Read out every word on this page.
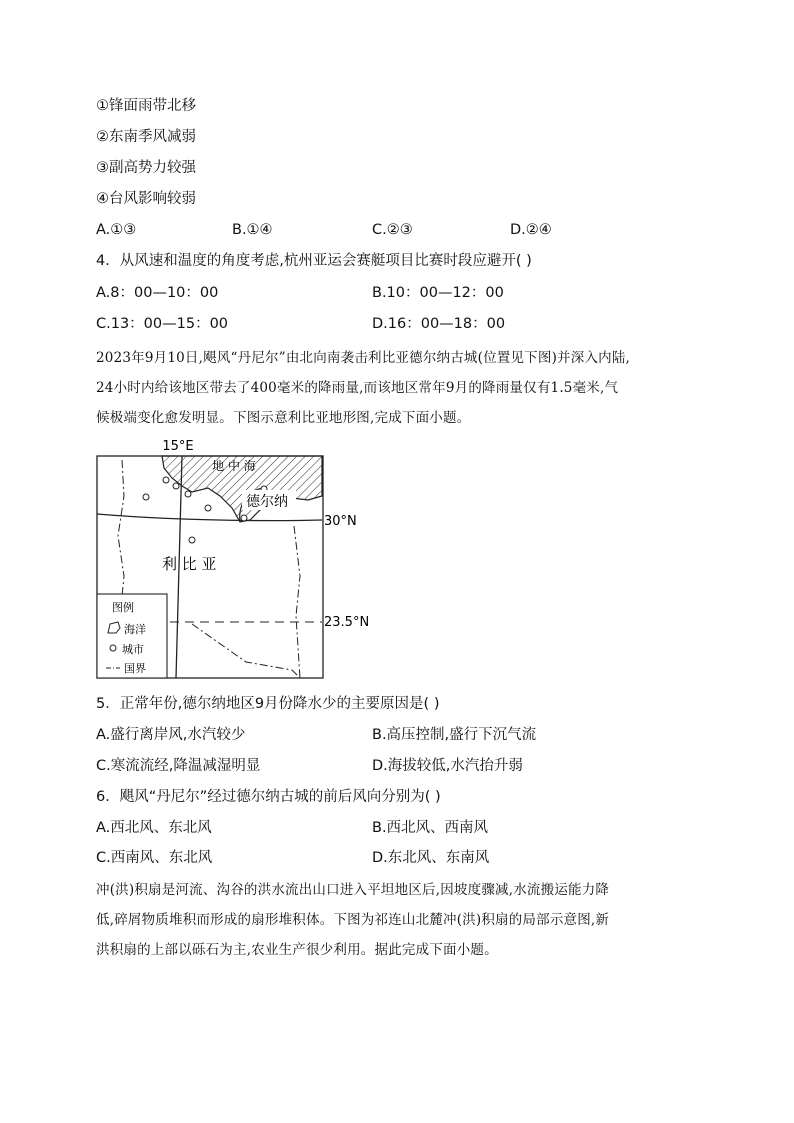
①锋面雨带北移
②东南季风减弱
③副高势力较强
④台风影响较弱
A.①③	B.①④	C.②③	D.②④
4．从风速和温度的角度考虑,杭州亚运会赛艇项目比赛时段应避开( )
A.8：00—10：00	B.10：00—12：00
C.13：00—15：00	D.16：00—18：00
2023年9月10日,飓风“丹尼尔”由北向南袭击利比亚德尔纳古城(位置见下图)并深入内陆,
24小时内给该地区带去了400毫米的降雨量,而该地区常年9月的降雨量仅有1.5毫米,气
候极端变化愈发明显。下图示意利比亚地形图,完成下面小题。
15°E
30°N
23.5°N
地 中 海
德尔纳
利 比 亚
图例
海洋
城市
国界
5．正常年份,德尔纳地区9月份降水少的主要原因是( )
A.盛行离岸风,水汽较少	B.高压控制,盛行下沉气流
C.寒流流经,降温减湿明显	D.海拔较低,水汽抬升弱
6．飓风“丹尼尔”经过德尔纳古城的前后风向分别为( )
A.西北风、东北风	B.西北风、西南风
C.西南风、东北风	D.东北风、东南风
冲(洪)积扇是河流、沟谷的洪水流出山口进入平坦地区后,因坡度骤减,水流搬运能力降
低,碎屑物质堆积而形成的扇形堆积体。下图为祁连山北麓冲(洪)积扇的局部示意图,新
洪积扇的上部以砾石为主,农业生产很少利用。据此完成下面小题。
